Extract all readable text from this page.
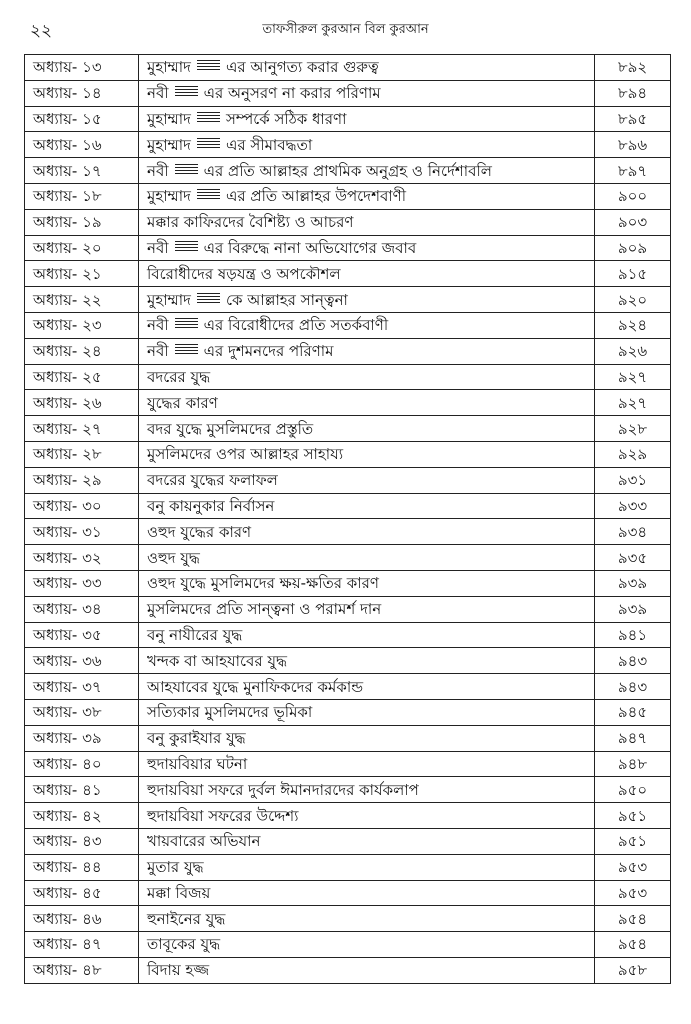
২২	তাফসীরুল কুরআন বিল কুরআন
অধ্যায়- ১৩	মুহাম্মাদ এর আনুগত্য করার গুরুত্ব	৮৯২
অধ্যায়- ১৪	নবী এর অনুসরণ না করার পরিণাম	৮৯৪
অধ্যায়- ১৫	মুহাম্মাদ সম্পর্কে সঠিক ধারণা	৮৯৫
অধ্যায়- ১৬	মুহাম্মাদ এর সীমাবদ্ধতা	৮৯৬
অধ্যায়- ১৭	নবী এর প্রতি আল্লাহর প্রাথমিক অনুগ্রহ ও নির্দেশাবলি	৮৯৭
অধ্যায়- ১৮	মুহাম্মাদ এর প্রতি আল্লাহর উপদেশবাণী	৯০০
অধ্যায়- ১৯	মক্কার কাফিরদের বৈশিষ্ট্য ও আচরণ	৯০৩
অধ্যায়- ২০	নবী এর বিরুদ্ধে নানা অভিযোগের জবাব	৯০৯
অধ্যায়- ২১	বিরোধীদের ষড়যন্ত্র ও অপকৌশল	৯১৫
অধ্যায়- ২২	মুহাম্মাদ কে আল্লাহর সান্ত্বনা	৯২০
অধ্যায়- ২৩	নবী এর বিরোধীদের প্রতি সতর্কবাণী	৯২৪
অধ্যায়- ২৪	নবী এর দুশমনদের পরিণাম	৯২৬
অধ্যায়- ২৫	বদরের যুদ্ধ	৯২৭
অধ্যায়- ২৬	যুদ্ধের কারণ	৯২৭
অধ্যায়- ২৭	বদর যুদ্ধে মুসলিমদের প্রস্তুতি	৯২৮
অধ্যায়- ২৮	মুসলিমদের ওপর আল্লাহর সাহায্য	৯২৯
অধ্যায়- ২৯	বদরের যুদ্ধের ফলাফল	৯৩১
অধ্যায়- ৩০	বনু কায়নুকার নির্বাসন	৯৩৩
অধ্যায়- ৩১	ওহুদ যুদ্ধের কারণ	৯৩৪
অধ্যায়- ৩২	ওহুদ যুদ্ধ	৯৩৫
অধ্যায়- ৩৩	ওহুদ যুদ্ধে মুসলিমদের ক্ষয়-ক্ষতির কারণ	৯৩৯
অধ্যায়- ৩৪	মুসলিমদের প্রতি সান্ত্বনা ও পরামর্শ দান	৯৩৯
অধ্যায়- ৩৫	বনু নাযীরের যুদ্ধ	৯৪১
অধ্যায়- ৩৬	খন্দক বা আহযাবের যুদ্ধ	৯৪৩
অধ্যায়- ৩৭	আহযাবের যুদ্ধে মুনাফিকদের কর্মকান্ড	৯৪৩
অধ্যায়- ৩৮	সত্যিকার মুসলিমদের ভূমিকা	৯৪৫
অধ্যায়- ৩৯	বনু কুরাইযার যুদ্ধ	৯৪৭
অধ্যায়- ৪০	হুদায়বিয়ার ঘটনা	৯৪৮
অধ্যায়- ৪১	হুদায়বিয়া সফরে দুর্বল ঈমানদারদের কার্যকলাপ	৯৫০
অধ্যায়- ৪২	হুদায়বিয়া সফরের উদ্দেশ্য	৯৫১
অধ্যায়- ৪৩	খায়বারের অভিযান	৯৫১
অধ্যায়- ৪৪	মুতার যুদ্ধ	৯৫৩
অধ্যায়- ৪৫	মক্কা বিজয়	৯৫৩
অধ্যায়- ৪৬	হুনাইনের যুদ্ধ	৯৫৪
অধ্যায়- ৪৭	তাবূকের যুদ্ধ	৯৫৪
অধ্যায়- ৪৮	বিদায় হজ্জ	৯৫৮
